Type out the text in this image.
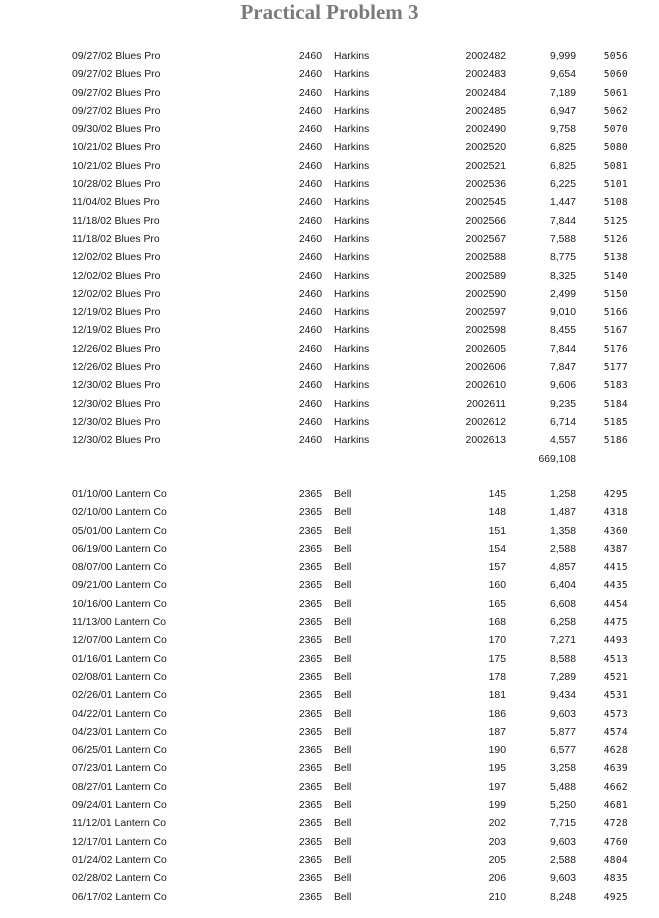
Practical Problem 3
09/27/02 Blues Pro	2460 Harkins	2002482	9,999	5056
09/27/02 Blues Pro	2460 Harkins	2002483	9,654	5060
09/27/02 Blues Pro	2460 Harkins	2002484	7,189	5061
09/27/02 Blues Pro	2460 Harkins	2002485	6,947	5062
09/30/02 Blues Pro	2460 Harkins	2002490	9,758	5070
10/21/02 Blues Pro	2460 Harkins	2002520	6,825	5080
10/21/02 Blues Pro	2460 Harkins	2002521	6,825	5081
10/28/02 Blues Pro	2460 Harkins	2002536	6,225	5101
11/04/02 Blues Pro	2460 Harkins	2002545	1,447	5108
11/18/02 Blues Pro	2460 Harkins	2002566	7,844	5125
11/18/02 Blues Pro	2460 Harkins	2002567	7,588	5126
12/02/02 Blues Pro	2460 Harkins	2002588	8,775	5138
12/02/02 Blues Pro	2460 Harkins	2002589	8,325	5140
12/02/02 Blues Pro	2460 Harkins	2002590	2,499	5150
12/19/02 Blues Pro	2460 Harkins	2002597	9,010	5166
12/19/02 Blues Pro	2460 Harkins	2002598	8,455	5167
12/26/02 Blues Pro	2460 Harkins	2002605	7,844	5176
12/26/02 Blues Pro	2460 Harkins	2002606	7,847	5177
12/30/02 Blues Pro	2460 Harkins	2002610	9,606	5183
12/30/02 Blues Pro	2460 Harkins	2002611	9,235	5184
12/30/02 Blues Pro	2460 Harkins	2002612	6,714	5185
12/30/02 Blues Pro	2460 Harkins	2002613	4,557	5186
669,108
01/10/00 Lantern Co	2365 Bell	145	1,258	4295
02/10/00 Lantern Co	2365 Bell	148	1,487	4318
05/01/00 Lantern Co	2365 Bell	151	1,358	4360
06/19/00 Lantern Co	2365 Bell	154	2,588	4387
08/07/00 Lantern Co	2365 Bell	157	4,857	4415
09/21/00 Lantern Co	2365 Bell	160	6,404	4435
10/16/00 Lantern Co	2365 Bell	165	6,608	4454
11/13/00 Lantern Co	2365 Bell	168	6,258	4475
12/07/00 Lantern Co	2365 Bell	170	7,271	4493
01/16/01 Lantern Co	2365 Bell	175	8,588	4513
02/08/01 Lantern Co	2365 Bell	178	7,289	4521
02/26/01 Lantern Co	2365 Bell	181	9,434	4531
04/22/01 Lantern Co	2365 Bell	186	9,603	4573
04/23/01 Lantern Co	2365 Bell	187	5,877	4574
06/25/01 Lantern Co	2365 Bell	190	6,577	4628
07/23/01 Lantern Co	2365 Bell	195	3,258	4639
08/27/01 Lantern Co	2365 Bell	197	5,488	4662
09/24/01 Lantern Co	2365 Bell	199	5,250	4681
11/12/01 Lantern Co	2365 Bell	202	7,715	4728
12/17/01 Lantern Co	2365 Bell	203	9,603	4760
01/24/02 Lantern Co	2365 Bell	205	2,588	4804
02/28/02 Lantern Co	2365 Bell	206	9,603	4835
06/17/02 Lantern Co	2365 Bell	210	8,248	4925
